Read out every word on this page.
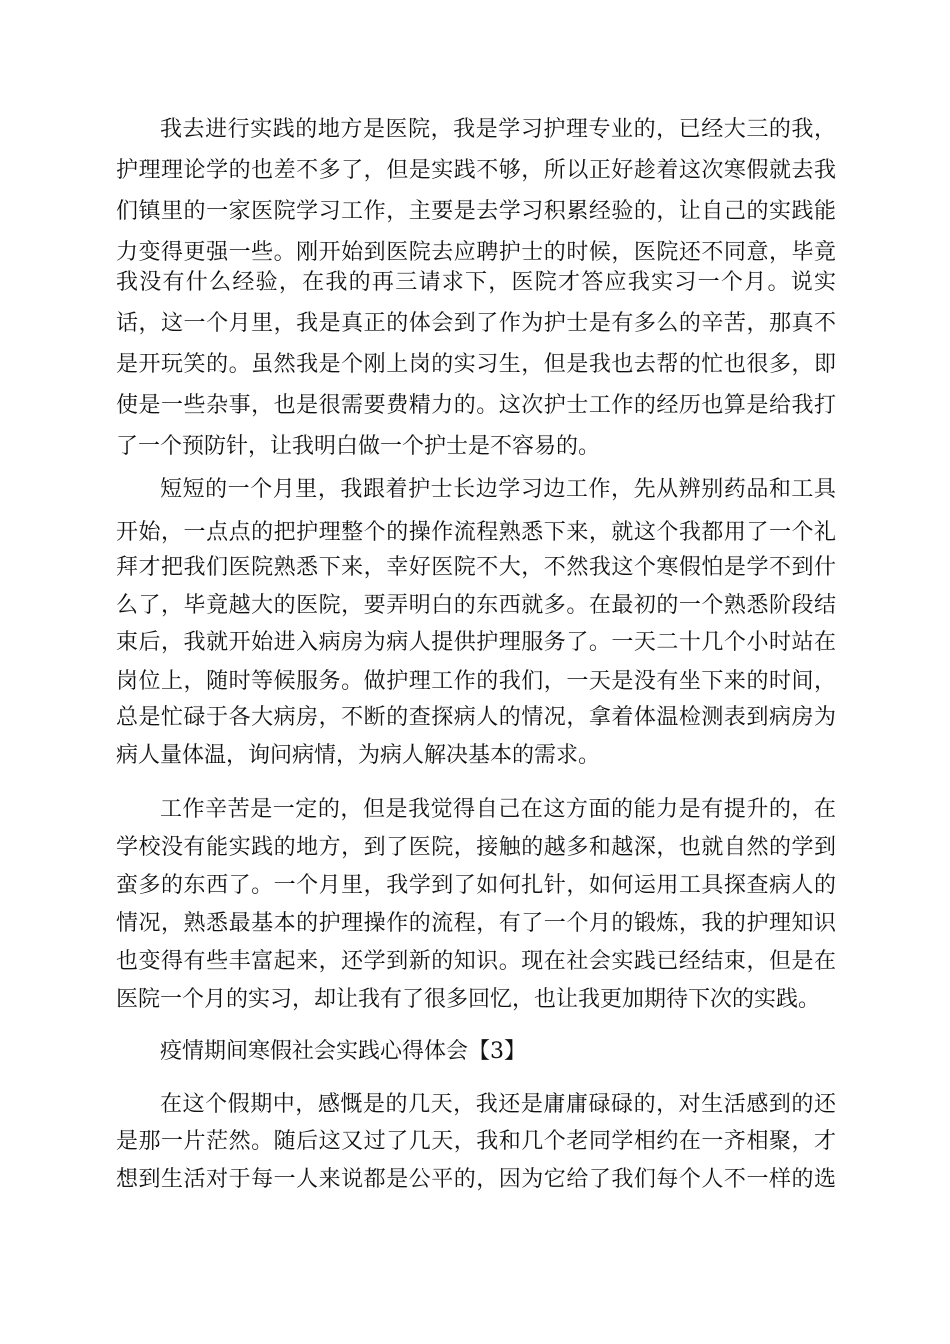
我去进行实践的地方是医院，我是学习护理专业的，已经大三的我，
护理理论学的也差不多了，但是实践不够，所以正好趁着这次寒假就去我
们镇里的一家医院学习工作，主要是去学习积累经验的，让自己的实践能
力变得更强一些。刚开始到医院去应聘护士的时候，医院还不同意，毕竟
我没有什么经验，在我的再三请求下，医院才答应我实习一个月。说实
话，这一个月里，我是真正的体会到了作为护士是有多么的辛苦，那真不
是开玩笑的。虽然我是个刚上岗的实习生，但是我也去帮的忙也很多，即
使是一些杂事，也是很需要费精力的。这次护士工作的经历也算是给我打
了一个预防针，让我明白做一个护士是不容易的。
短短的一个月里，我跟着护士长边学习边工作，先从辨别药品和工具
开始，一点点的把护理整个的操作流程熟悉下来，就这个我都用了一个礼
拜才把我们医院熟悉下来，幸好医院不大，不然我这个寒假怕是学不到什
么了，毕竟越大的医院，要弄明白的东西就多。在最初的一个熟悉阶段结
束后，我就开始进入病房为病人提供护理服务了。一天二十几个小时站在
岗位上，随时等候服务。做护理工作的我们，一天是没有坐下来的时间，
总是忙碌于各大病房，不断的查探病人的情况，拿着体温检测表到病房为
病人量体温，询问病情，为病人解决基本的需求。
工作辛苦是一定的，但是我觉得自己在这方面的能力是有提升的，在
学校没有能实践的地方，到了医院，接触的越多和越深，也就自然的学到
蛮多的东西了。一个月里，我学到了如何扎针，如何运用工具探查病人的
情况，熟悉最基本的护理操作的流程，有了一个月的锻炼，我的护理知识
也变得有些丰富起来，还学到新的知识。现在社会实践已经结束，但是在
医院一个月的实习，却让我有了很多回忆，也让我更加期待下次的实践。
疫情期间寒假社会实践心得体会【3】
在这个假期中，感慨是的几天，我还是庸庸碌碌的，对生活感到的还
是那一片茫然。随后这又过了几天，我和几个老同学相约在一齐相聚，才
想到生活对于每一人来说都是公平的，因为它给了我们每个人不一样的选
